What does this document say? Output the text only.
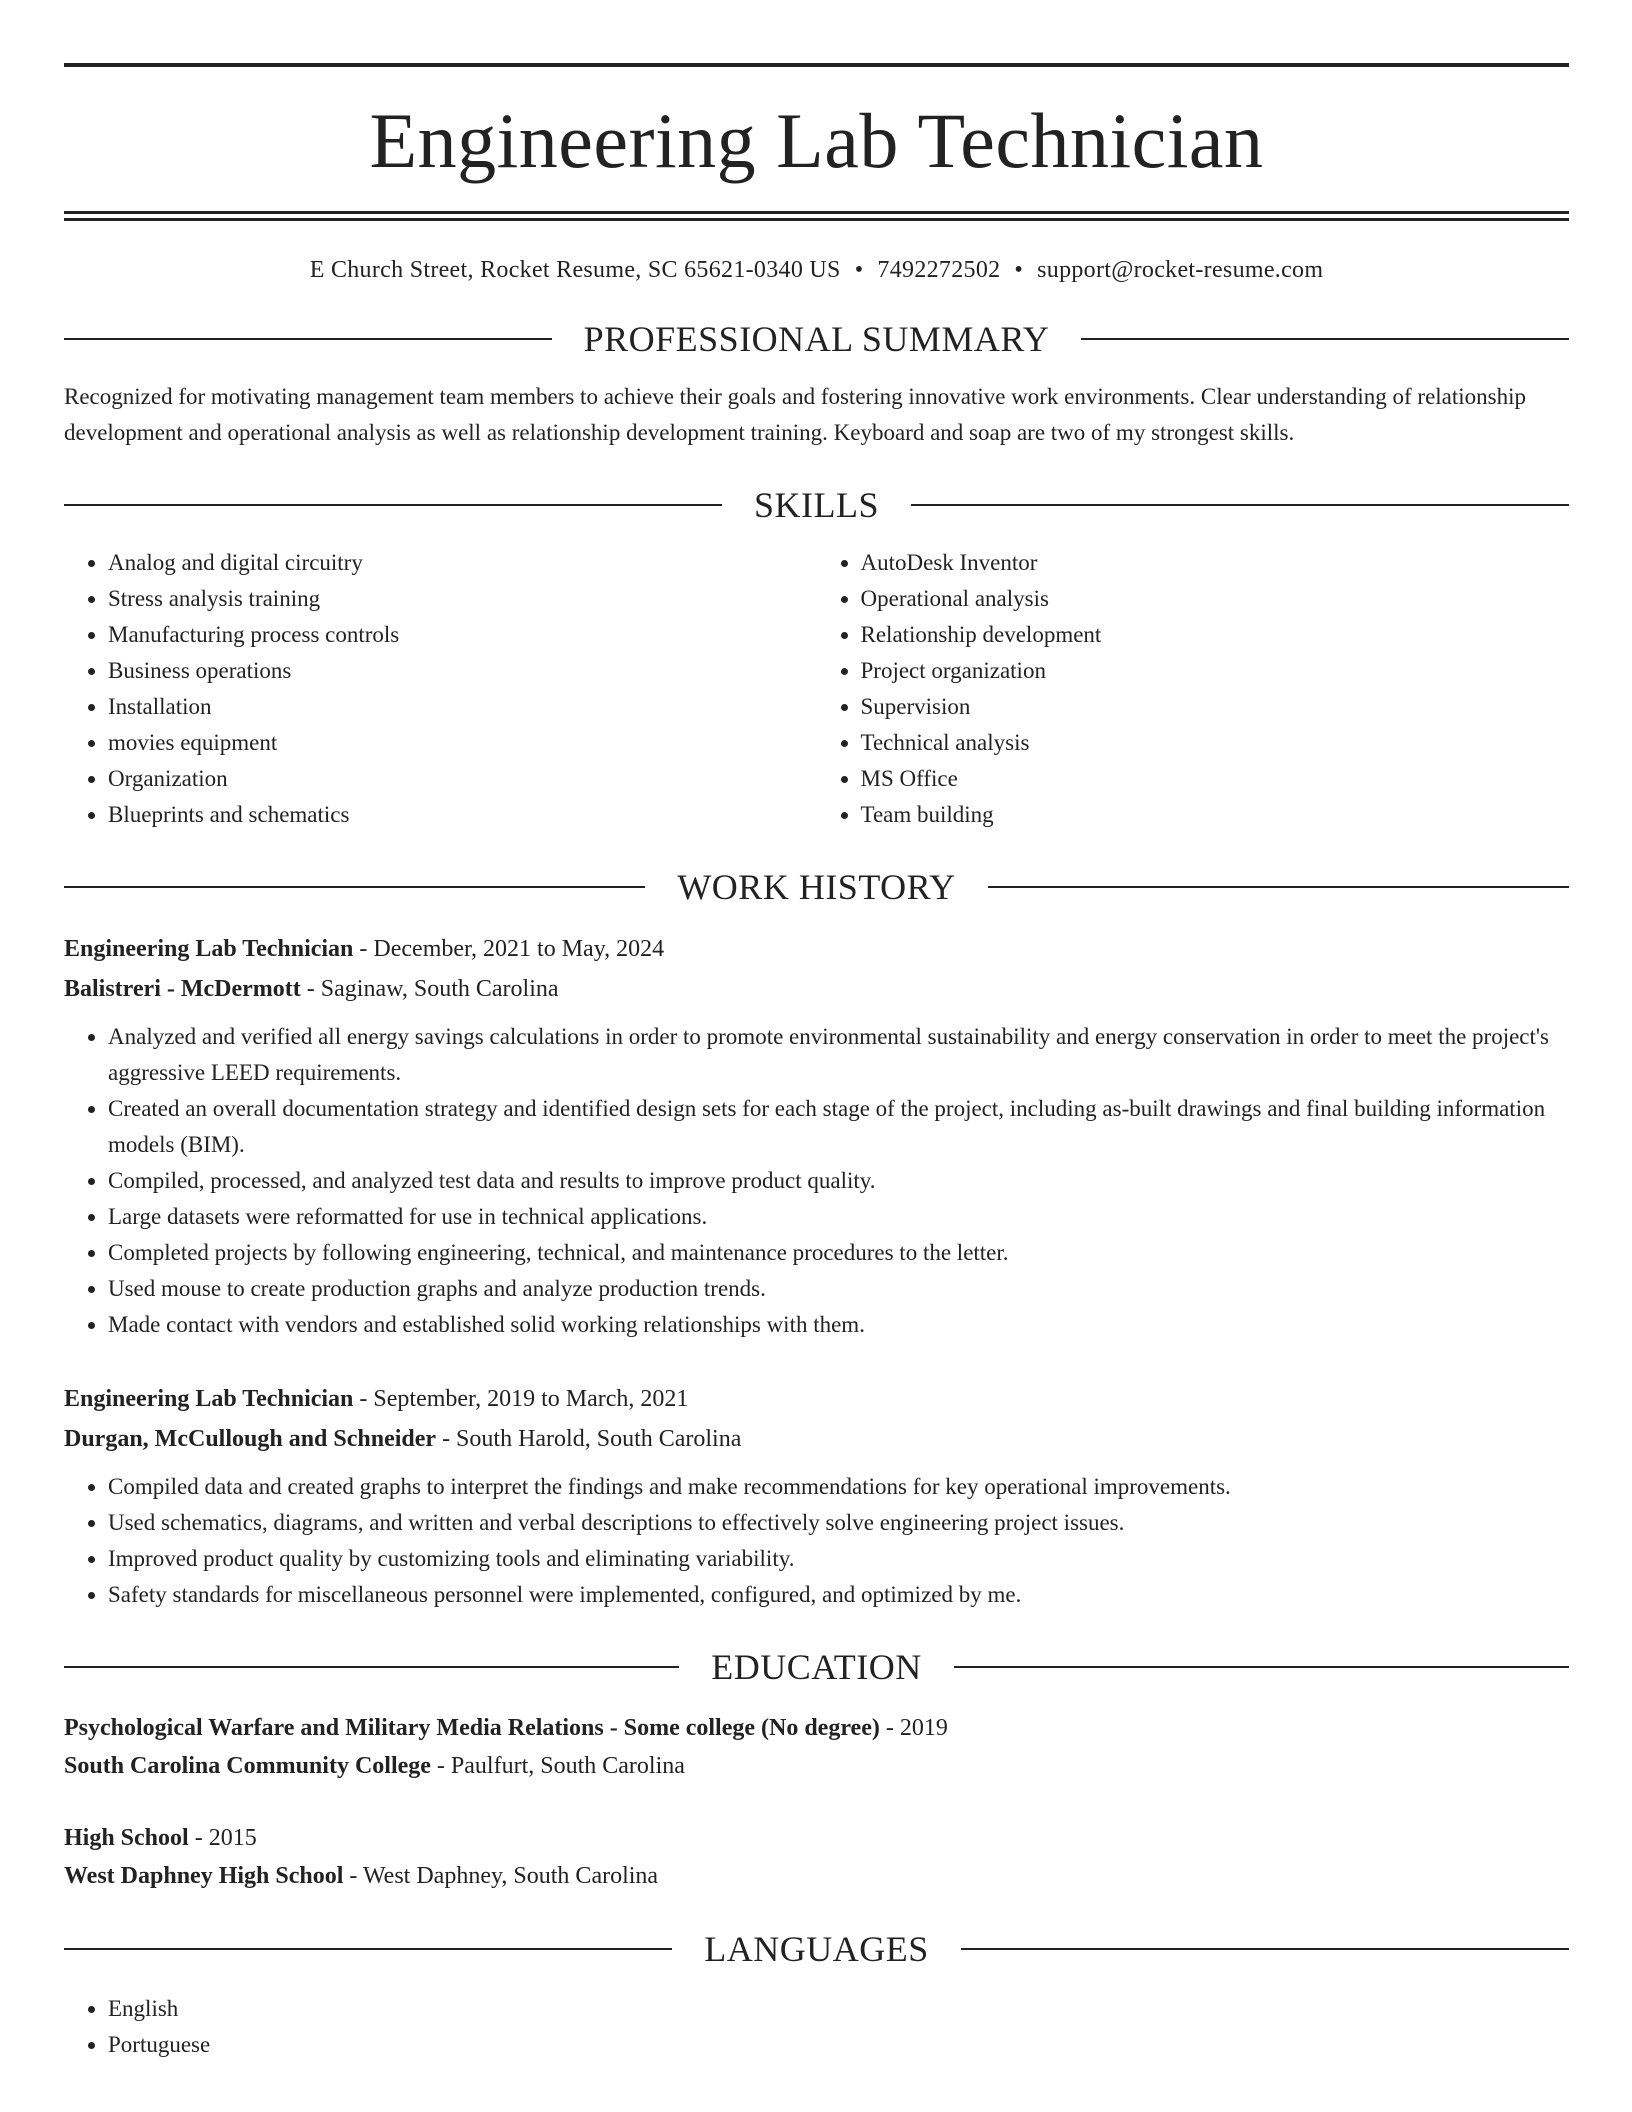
Engineering Lab Technician
E Church Street, Rocket Resume, SC 65621-0340 US • 7492272502 • support@rocket-resume.com
PROFESSIONAL SUMMARY
Recognized for motivating management team members to achieve their goals and fostering innovative work environments. Clear understanding of relationship development and operational analysis as well as relationship development training. Keyboard and soap are two of my strongest skills.
SKILLS
• Analog and digital circuitry
• Stress analysis training
• Manufacturing process controls
• Business operations
• Installation
• movies equipment
• Organization
• Blueprints and schematics
• AutoDesk Inventor
• Operational analysis
• Relationship development
• Project organization
• Supervision
• Technical analysis
• MS Office
• Team building
WORK HISTORY
Engineering Lab Technician - December, 2021 to May, 2024
Balistreri - McDermott - Saginaw, South Carolina
• Analyzed and verified all energy savings calculations in order to promote environmental sustainability and energy conservation in order to meet the project's aggressive LEED requirements.
• Created an overall documentation strategy and identified design sets for each stage of the project, including as-built drawings and final building information models (BIM).
• Compiled, processed, and analyzed test data and results to improve product quality.
• Large datasets were reformatted for use in technical applications.
• Completed projects by following engineering, technical, and maintenance procedures to the letter.
• Used mouse to create production graphs and analyze production trends.
• Made contact with vendors and established solid working relationships with them.
Engineering Lab Technician - September, 2019 to March, 2021
Durgan, McCullough and Schneider - South Harold, South Carolina
• Compiled data and created graphs to interpret the findings and make recommendations for key operational improvements.
• Used schematics, diagrams, and written and verbal descriptions to effectively solve engineering project issues.
• Improved product quality by customizing tools and eliminating variability.
• Safety standards for miscellaneous personnel were implemented, configured, and optimized by me.
EDUCATION
Psychological Warfare and Military Media Relations - Some college (No degree) - 2019
South Carolina Community College - Paulfurt, South Carolina
High School - 2015
West Daphney High School - West Daphney, South Carolina
LANGUAGES
• English
• Portuguese
